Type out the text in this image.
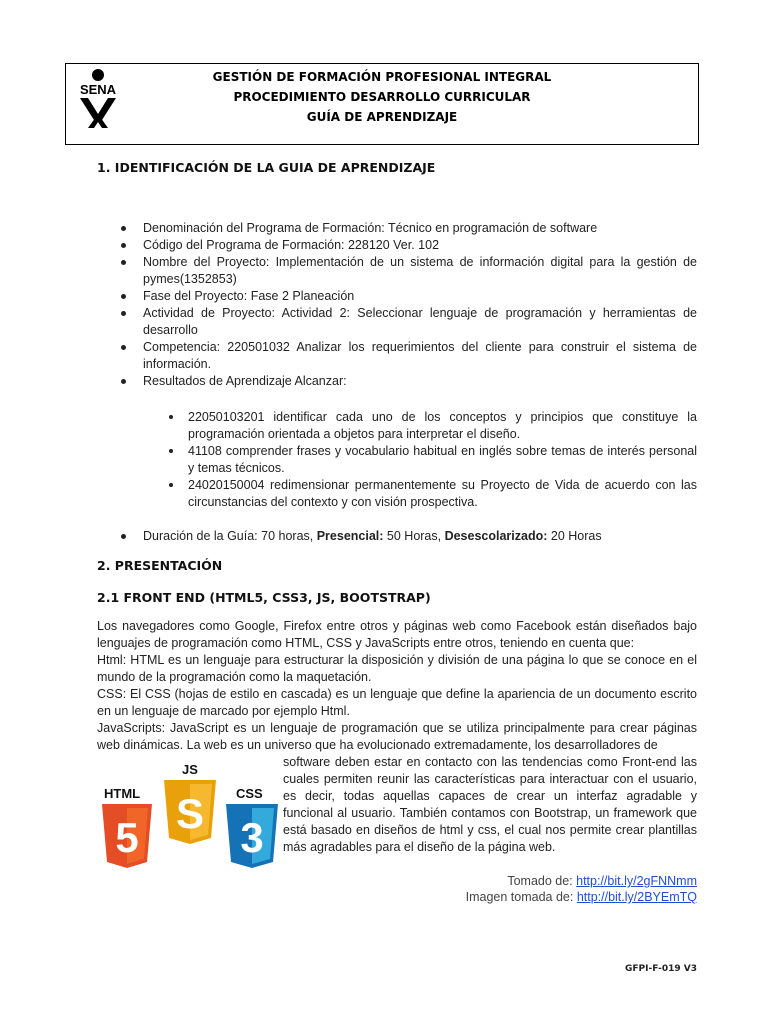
SENA
GESTIÓN DE FORMACIÓN PROFESIONAL INTEGRAL
PROCEDIMIENTO DESARROLLO CURRICULAR
GUÍA DE APRENDIZAJE
1. IDENTIFICACIÓN DE LA GUIA DE APRENDIZAJE
Denominación del Programa de Formación: Técnico en programación de software
Código del Programa de Formación: 228120 Ver. 102
Nombre del Proyecto: Implementación de un sistema de información digital para la gestión de pymes(1352853)
Fase del Proyecto: Fase 2 Planeación
Actividad de Proyecto: Actividad 2: Seleccionar lenguaje de programación y herramientas de desarrollo
Competencia: 220501032 Analizar los requerimientos del cliente para construir el sistema de información.
Resultados de Aprendizaje Alcanzar:
22050103201 identificar cada uno de los conceptos y principios que constituye la programación orientada a objetos para interpretar el diseño.
41108 comprender frases y vocabulario habitual en inglés sobre temas de interés personal y temas técnicos.
24020150004 redimensionar permanentemente su Proyecto de Vida de acuerdo con las circunstancias del contexto y con visión prospectiva.
Duración de la Guía: 70 horas, Presencial: 50 Horas, Desescolarizado: 20 Horas
2. PRESENTACIÓN
2.1 FRONT END (HTML5, CSS3, JS, BOOTSTRAP)

Los navegadores como Google, Firefox entre otros y páginas web como Facebook están diseñados bajo lenguajes de programación como HTML, CSS y JavaScripts entre otros, teniendo en cuenta que:

Html: HTML es un lenguaje para estructurar la disposición y división de una página lo que se conoce en el mundo de la programación como la maquetación.

CSS: El CSS (hojas de estilo en cascada) es un lenguaje que define la apariencia de un documento escrito en un lenguaje de marcado por ejemplo Html.

JavaScripts: JavaScript es un lenguaje de programación que se utiliza principalmente para crear páginas web dinámicas. La web es un universo que ha evolucionado extremadamente, los desarrolladores de

HTML
5
JS
S CSS
3

software deben estar en contacto con las tendencias como Front-end las cuales permiten reunir las características para interactuar con el usuario, es decir, todas aquellas capaces de crear un interfaz agradable y funcional al usuario. También contamos con Bootstrap, un framework que está basado en diseños de html y css, el cual nos permite crear plantillas más agradables para el diseño de la página web.

Tomado de: http://bit.ly/2gFNNmm
Imagen tomada de: http://bit.ly/2BYEmTQ
GFPI-F-019 V3
